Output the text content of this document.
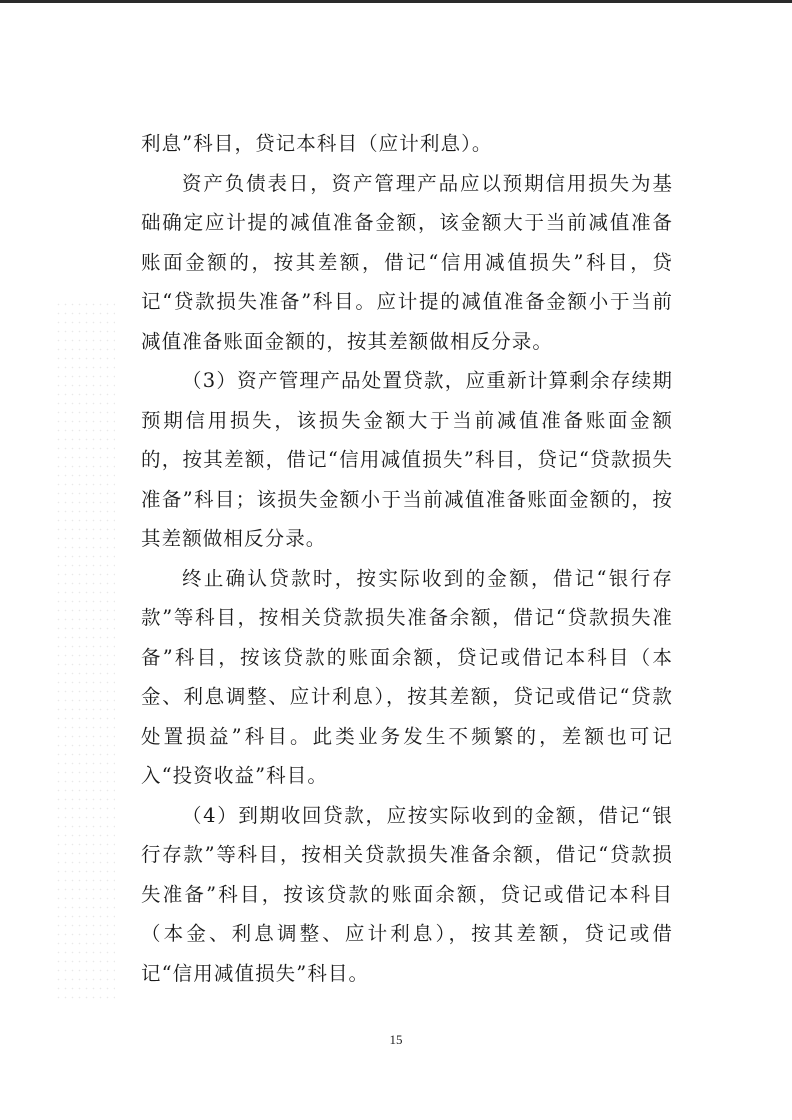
利息”科目，贷记本科目（应计利息）。

资产负债表日，资产管理产品应以预期信用损失为基础确定应计提的减值准备金额，该金额大于当前减值准备账面金额的，按其差额，借记“信用减值损失”科目，贷记“贷款损失准备”科目。应计提的减值准备金额小于当前减值准备账面金额的，按其差额做相反分录。

（3）资产管理产品处置贷款，应重新计算剩余存续期预期信用损失，该损失金额大于当前减值准备账面金额的，按其差额，借记“信用减值损失”科目，贷记“贷款损失准备”科目；该损失金额小于当前减值准备账面金额的，按其差额做相反分录。

终止确认贷款时，按实际收到的金额，借记“银行存款”等科目，按相关贷款损失准备余额，借记“贷款损失准备”科目，按该贷款的账面余额，贷记或借记本科目（本金、利息调整、应计利息），按其差额，贷记或借记“贷款处置损益”科目。此类业务发生不频繁的，差额也可记入“投资收益”科目。

（4）到期收回贷款，应按实际收到的金额，借记“银行存款”等科目，按相关贷款损失准备余额，借记“贷款损失准备”科目，按该贷款的账面余额，贷记或借记本科目（本金、利息调整、应计利息），按其差额，贷记或借记“信用减值损失”科目。

15
